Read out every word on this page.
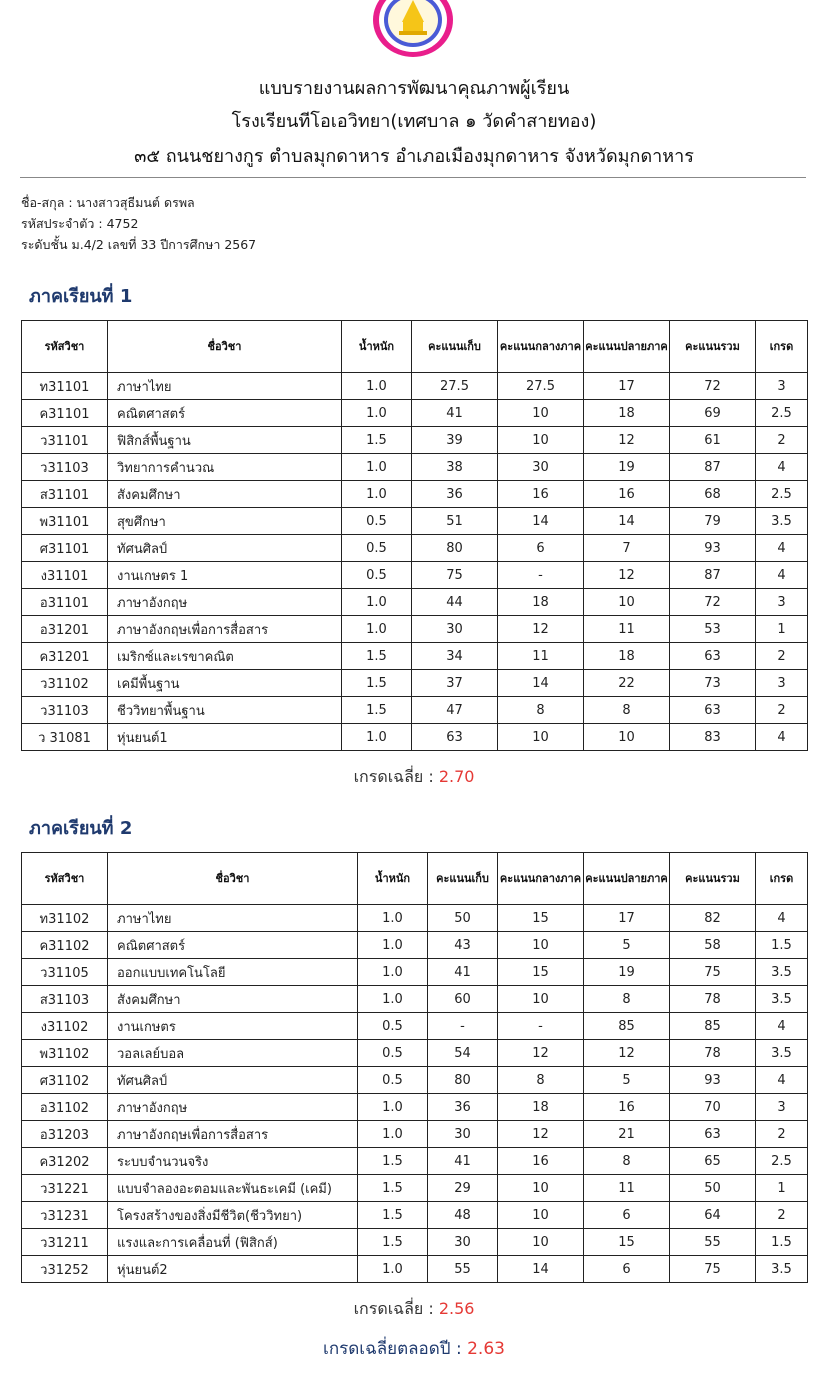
แบบรายงานผลการพัฒนาคุณภาพผู้เรียน
โรงเรียนทีโอเอวิทยา(เทศบาล ๑ วัดคำสายทอง)
๓๕ ถนนชยางกูร ตำบลมุกดาหาร อำเภอเมืองมุกดาหาร จังหวัดมุกดาหาร
ชื่อ-สกุล : นางสาวสุธีมนต์ ดรพล
รหัสประจำตัว : 4752
ระดับชั้น ม.4/2 เลขที่ 33 ปีการศึกษา 2567
ภาคเรียนที่ 1
รหัสวิชา	ชื่อวิชา	น้ำหนัก	คะแนนเก็บ	คะแนนกลางภาค	คะแนนปลายภาค	คะแนนรวม	เกรด
ท31101	ภาษาไทย	1.0	27.5	27.5	17	72	3
ค31101	คณิตศาสตร์	1.0	41	10	18	69	2.5
ว31101	ฟิสิกส์พื้นฐาน	1.5	39	10	12	61	2
ว31103	วิทยาการคำนวณ	1.0	38	30	19	87	4
ส31101	สังคมศึกษา	1.0	36	16	16	68	2.5
พ31101	สุขศึกษา	0.5	51	14	14	79	3.5
ศ31101	ทัศนศิลป์	0.5	80	6	7	93	4
ง31101	งานเกษตร 1	0.5	75	-	12	87	4
อ31101	ภาษาอังกฤษ	1.0	44	18	10	72	3
อ31201	ภาษาอังกฤษเพื่อการสื่อสาร	1.0	30	12	11	53	1
ค31201	เมริกซ์และเรขาคณิต	1.5	34	11	18	63	2
ว31102	เคมีพื้นฐาน	1.5	37	14	22	73	3
ว31103	ชีววิทยาพื้นฐาน	1.5	47	8	8	63	2
ว 31081	หุ่นยนต์1	1.0	63	10	10	83	4
เกรดเฉลี่ย : 2.70
ภาคเรียนที่ 2
รหัสวิชา	ชื่อวิชา	น้ำหนัก	คะแนนเก็บ	คะแนนกลางภาค	คะแนนปลายภาค	คะแนนรวม	เกรด
ท31102	ภาษาไทย	1.0	50	15	17	82	4
ค31102	คณิตศาสตร์	1.0	43	10	5	58	1.5
ว31105	ออกแบบเทคโนโลยี	1.0	41	15	19	75	3.5
ส31103	สังคมศึกษา	1.0	60	10	8	78	3.5
ง31102	งานเกษตร	0.5	-	-	85	85	4
พ31102	วอลเลย์บอล	0.5	54	12	12	78	3.5
ศ31102	ทัศนศิลป์	0.5	80	8	5	93	4
อ31102	ภาษาอังกฤษ	1.0	36	18	16	70	3
อ31203	ภาษาอังกฤษเพื่อการสื่อสาร	1.0	30	12	21	63	2
ค31202	ระบบจำนวนจริง	1.5	41	16	8	65	2.5
ว31221	แบบจำลองอะตอมและพันธะเคมี (เคมี)	1.5	29	10	11	50	1
ว31231	โครงสร้างของสิ่งมีชีวิต(ชีววิทยา)	1.5	48	10	6	64	2
ว31211	แรงและการเคลื่อนที่ (ฟิสิกส์)	1.5	30	10	15	55	1.5
ว31252	หุ่นยนต์2	1.0	55	14	6	75	3.5
เกรดเฉลี่ย : 2.56
เกรดเฉลี่ยตลอดปี : 2.63
